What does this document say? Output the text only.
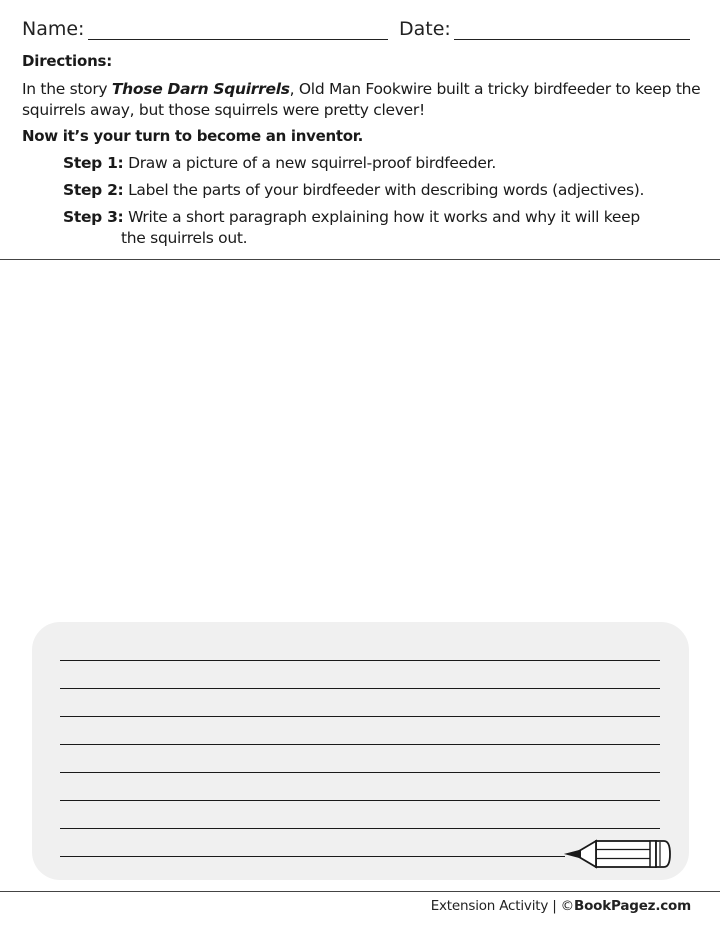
Name:	Date:
Directions:
In the story Those Darn Squirrels, Old Man Fookwire built a tricky birdfeeder to keep the squirrels away, but those squirrels were pretty clever!
Now it’s your turn to become an inventor.
Step 1: Draw a picture of a new squirrel-proof birdfeeder.
Step 2: Label the parts of your birdfeeder with describing words (adjectives).
Step 3: Write a short paragraph explaining how it works and why it will keep
the squirrels out.
Extension Activity | ©BookPagez.com
